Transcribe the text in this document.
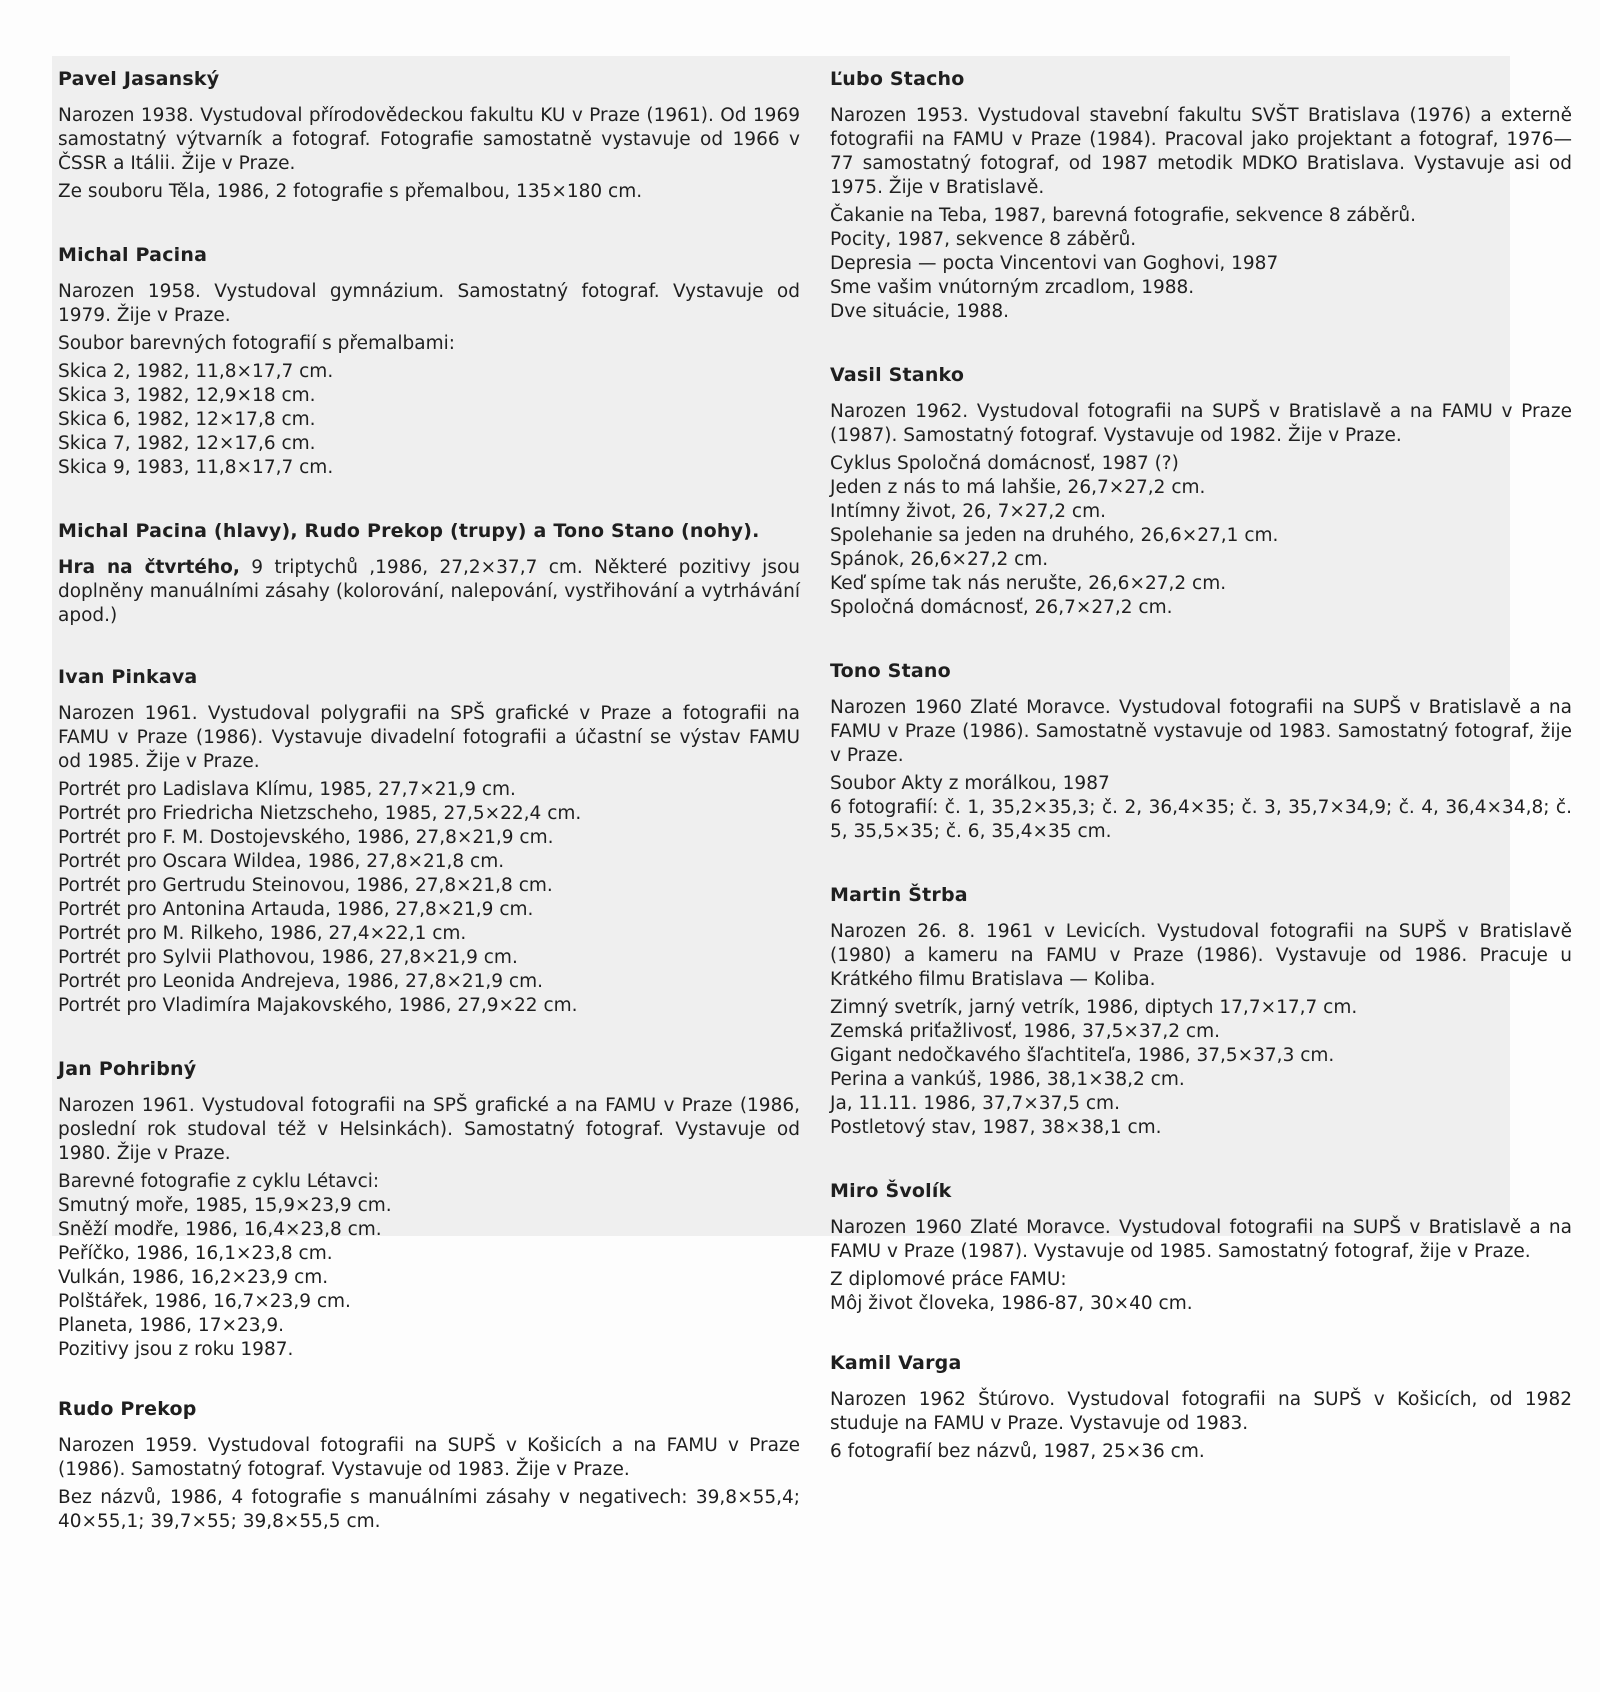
Pavel Jasanský

Narozen 1938. Vystudoval přírodovědeckou fakultu KU v Praze (1961). Od 1969 samostatný výtvarník a fotograf. Fotografie samostatně vystavuje od 1966 v ČSSR a Itálii. Žije v Praze.

Ze souboru Těla, 1986, 2 fotografie s přemalbou, 135×180 cm.

Michal Pacina

Narozen 1958. Vystudoval gymnázium. Samostatný fotograf. Vystavuje od 1979. Žije v Praze.

Soubor barevných fotografií s přemalbami:

Skica 2, 1982, 11,8×17,7 cm.
Skica 3, 1982, 12,9×18 cm.
Skica 6, 1982, 12×17,8 cm.
Skica 7, 1982, 12×17,6 cm.
Skica 9, 1983, 11,8×17,7 cm.

Michal Pacina (hlavy), Rudo Prekop (trupy) a Tono Stano (nohy).

Hra na čtvrtého, 9 triptychů ,1986, 27,2×37,7 cm. Některé pozitivy jsou doplněny manuálními zásahy (kolorování, nalepování, vystřihování a vytrhávání apod.)

Ivan Pinkava

Narozen 1961. Vystudoval polygrafii na SPŠ grafické v Praze a fotografii na FAMU v Praze (1986). Vystavuje divadelní fotografii a účastní se výstav FAMU od 1985. Žije v Praze.

Portrét pro Ladislava Klímu, 1985, 27,7×21,9 cm.
Portrét pro Friedricha Nietzscheho, 1985, 27,5×22,4 cm.
Portrét pro F. M. Dostojevského, 1986, 27,8×21,9 cm.
Portrét pro Oscara Wildea, 1986, 27,8×21,8 cm.
Portrét pro Gertrudu Steinovou, 1986, 27,8×21,8 cm.
Portrét pro Antonina Artauda, 1986, 27,8×21,9 cm.
Portrét pro M. Rilkeho, 1986, 27,4×22,1 cm.
Portrét pro Sylvii Plathovou, 1986, 27,8×21,9 cm.
Portrét pro Leonida Andrejeva, 1986, 27,8×21,9 cm.
Portrét pro Vladimíra Majakovského, 1986, 27,9×22 cm.

Jan Pohribný

Narozen 1961. Vystudoval fotografii na SPŠ grafické a na FAMU v Praze (1986, poslední rok studoval též v Helsinkách). Samostatný fotograf. Vystavuje od 1980. Žije v Praze.

Barevné fotografie z cyklu Létavci:
Smutný moře, 1985, 15,9×23,9 cm.
Sněží modře, 1986, 16,4×23,8 cm.
Peříčko, 1986, 16,1×23,8 cm.
Vulkán, 1986, 16,2×23,9 cm.
Polštářek, 1986, 16,7×23,9 cm.
Planeta, 1986, 17×23,9.
Pozitivy jsou z roku 1987.

Rudo Prekop

Narozen 1959. Vystudoval fotografii na SUPŠ v Košicích a na FAMU v Praze (1986). Samostatný fotograf. Vystavuje od 1983. Žije v Praze.

Bez názvů, 1986, 4 fotografie s manuálními zásahy v negativech: 39,8×55,4; 40×55,1; 39,7×55; 39,8×55,5 cm.

Ľubo Stacho

Narozen 1953. Vystudoval stavební fakultu SVŠT Bratislava (1976) a externě fotografii na FAMU v Praze (1984). Pracoval jako projektant a fotograf, 1976—77 samostatný fotograf, od 1987 metodik MDKO Bratislava. Vystavuje asi od 1975. Žije v Bratislavě.

Čakanie na Teba, 1987, barevná fotografie, sekvence 8 záběrů.
Pocity, 1987, sekvence 8 záběrů.
Depresia — pocta Vincentovi van Goghovi, 1987
Sme vašim vnútorným zrcadlom, 1988.
Dve situácie, 1988.

Vasil Stanko

Narozen 1962. Vystudoval fotografii na SUPŠ v Bratislavě a na FAMU v Praze (1987). Samostatný fotograf. Vystavuje od 1982. Žije v Praze.

Cyklus Spoločná domácnosť, 1987 (?)
Jeden z nás to má lahšie, 26,7×27,2 cm.
Intímny život, 26, 7×27,2 cm.
Spolehanie sa jeden na druhého, 26,6×27,1 cm.
Spánok, 26,6×27,2 cm.
Keď spíme tak nás nerušte, 26,6×27,2 cm.
Spoločná domácnosť, 26,7×27,2 cm.

Tono Stano

Narozen 1960 Zlaté Moravce. Vystudoval fotografii na SUPŠ v Bratislavě a na FAMU v Praze (1986). Samostatně vystavuje od 1983. Samostatný fotograf, žije v Praze.

Soubor Akty z morálkou, 1987
6 fotografií: č. 1, 35,2×35,3; č. 2, 36,4×35; č. 3, 35,7×34,9; č. 4, 36,4×34,8; č. 5, 35,5×35; č. 6, 35,4×35 cm.

Martin Štrba

Narozen 26. 8. 1961 v Levicích. Vystudoval fotografii na SUPŠ v Bratislavě (1980) a kameru na FAMU v Praze (1986). Vystavuje od 1986. Pracuje u Krátkého filmu Bratislava — Koliba.

Zimný svetrík, jarný vetrík, 1986, diptych 17,7×17,7 cm.
Zemská priťažlivosť, 1986, 37,5×37,2 cm.
Gigant nedočkavého šľachtiteľa, 1986, 37,5×37,3 cm.
Perina a vankúš, 1986, 38,1×38,2 cm.
Ja, 11.11. 1986, 37,7×37,5 cm.
Postletový stav, 1987, 38×38,1 cm.

Miro Švolík

Narozen 1960 Zlaté Moravce. Vystudoval fotografii na SUPŠ v Bratislavě a na FAMU v Praze (1987). Vystavuje od 1985. Samostatný fotograf, žije v Praze.

Z diplomové práce FAMU:
Môj život človeka, 1986-87, 30×40 cm.

Kamil Varga

Narozen 1962 Štúrovo. Vystudoval fotografii na SUPŠ v Košicích, od 1982 studuje na FAMU v Praze. Vystavuje od 1983.

6 fotografií bez názvů, 1987, 25×36 cm.
